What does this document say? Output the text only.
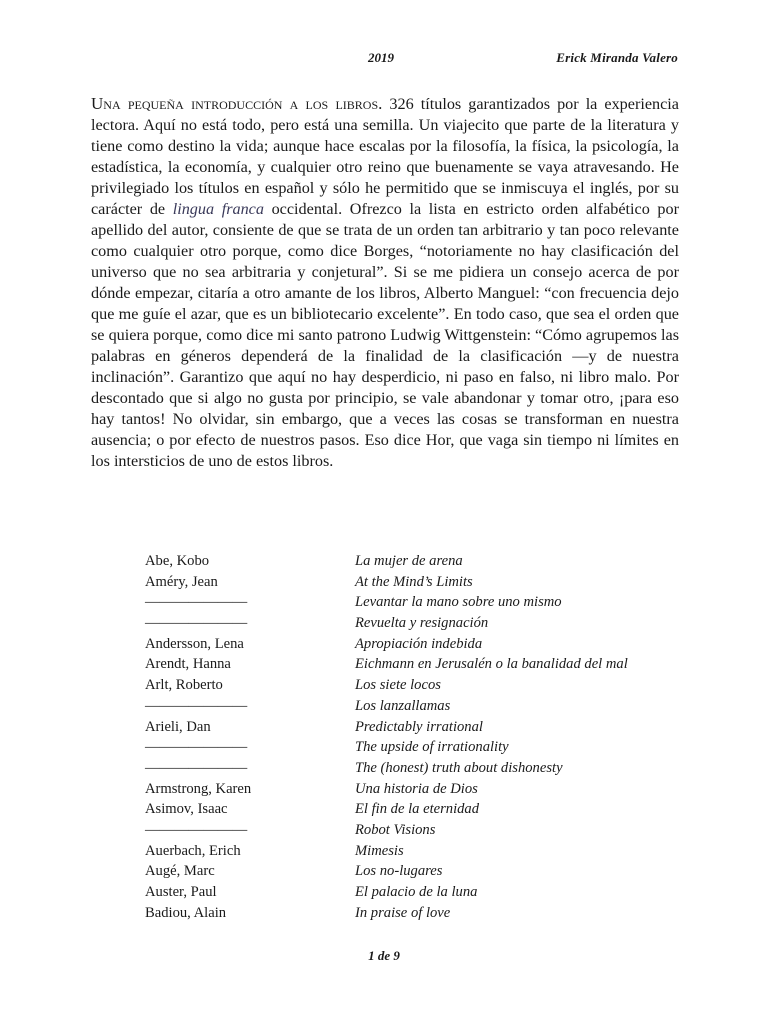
2019	Erick Miranda Valero

Una pequeña introducción a los libros. 326 títulos garantizados por la experiencia lectora. Aquí no está todo, pero está una semilla. Un viajecito que parte de la literatura y tiene como destino la vida; aunque hace escalas por la filosofía, la física, la psicología, la estadística, la economía, y cualquier otro reino que buenamente se vaya atravesando. He privilegiado los títulos en español y sólo he permitido que se inmiscuya el inglés, por su carácter de lingua franca occidental. Ofrezco la lista en estricto orden alfabético por apellido del autor, consiente de que se trata de un orden tan arbitrario y tan poco relevante como cualquier otro porque, como dice Borges, “notoriamente no hay clasificación del universo que no sea arbitraria y conjetural”. Si se me pidiera un consejo acerca de por dónde empezar, citaría a otro amante de los libros, Alberto Manguel: “con frecuencia dejo que me guíe el azar, que es un bibliotecario excelente”. En todo caso, que sea el orden que se quiera porque, como dice mi santo patrono Ludwig Wittgenstein: “Cómo agrupemos las palabras en géneros dependerá de la finalidad de la clasificación —y de nuestra inclinación”. Garantizo que aquí no hay desperdicio, ni paso en falso, ni libro malo. Por descontado que si algo no gusta por principio, se vale abandonar y tomar otro, ¡para eso hay tantos! No olvidar, sin embargo, que a veces las cosas se transforman en nuestra ausencia; o por efecto de nuestros pasos. Eso dice Hor, que vaga sin tiempo ni límites en los intersticios de uno de estos libros.

Abe, Kobo	La mujer de arena
Améry, Jean	At the Mind’s Limits
———————	Levantar la mano sobre uno mismo
———————	Revuelta y resignación
Andersson, Lena	Apropiación indebida
Arendt, Hanna	Eichmann en Jerusalén o la banalidad del mal
Arlt, Roberto	Los siete locos
———————	Los lanzallamas
Arieli, Dan	Predictably irrational
———————	The upside of irrationality
———————	The (honest) truth about dishonesty
Armstrong, Karen	Una historia de Dios
Asimov, Isaac	El fin de la eternidad
———————	Robot Visions
Auerbach, Erich	Mimesis
Augé, Marc	Los no-lugares
Auster, Paul	El palacio de la luna
Badiou, Alain	In praise of love
1 de 9
